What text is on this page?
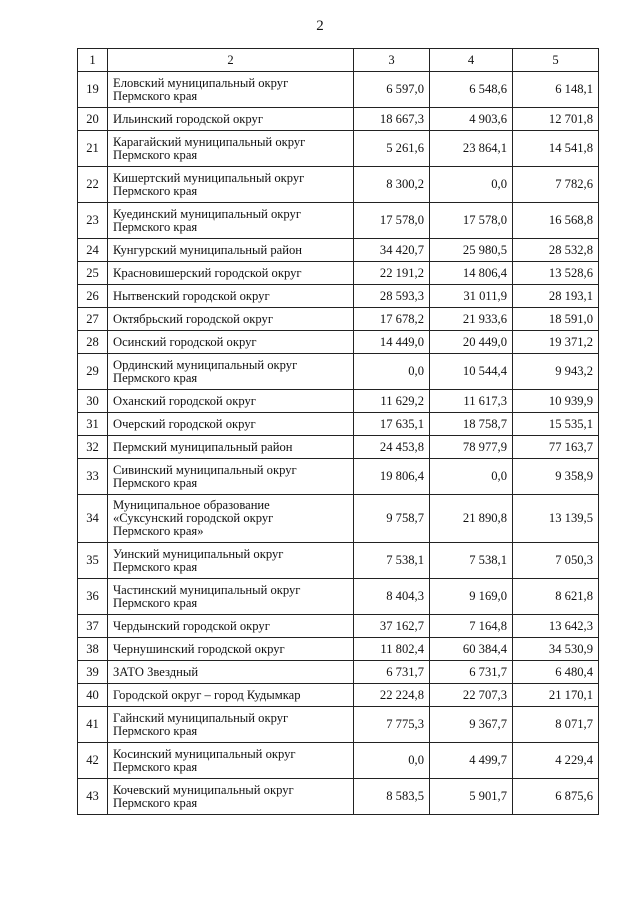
2
1	2	3	4	5
19	Еловский муниципальный округ
Пермского края	6 597,0	6 548,6	6 148,1
20	Ильинский городской округ	18 667,3	4 903,6	12 701,8
21	Карагайский муниципальный округ
Пермского края	5 261,6	23 864,1	14 541,8
22	Кишертский муниципальный округ
Пермского края	8 300,2	0,0	7 782,6
23	Куединский муниципальный округ
Пермского края	17 578,0	17 578,0	16 568,8
24	Кунгурский муниципальный район	34 420,7	25 980,5	28 532,8
25	Красновишерский городской округ	22 191,2	14 806,4	13 528,6
26	Нытвенский городской округ	28 593,3	31 011,9	28 193,1
27	Октябрьский городской округ	17 678,2	21 933,6	18 591,0
28	Осинский городской округ	14 449,0	20 449,0	19 371,2
29	Ординский муниципальный округ
Пермского края	0,0	10 544,4	9 943,2
30	Оханский городской округ	11 629,2	11 617,3	10 939,9
31	Очерский городской округ	17 635,1	18 758,7	15 535,1
32	Пермский муниципальный район	24 453,8	78 977,9	77 163,7
33	Сивинский муниципальный округ
Пермского края	19 806,4	0,0	9 358,9
34	Муниципальное образование
«Суксунский городской округ
Пермского края»	9 758,7	21 890,8	13 139,5
35	Уинский муниципальный округ
Пермского края	7 538,1	7 538,1	7 050,3
36	Частинский муниципальный округ
Пермского края	8 404,3	9 169,0	8 621,8
37	Чердынский городской округ	37 162,7	7 164,8	13 642,3
38	Чернушинский городской округ	11 802,4	60 384,4	34 530,9
39	ЗАТО Звездный	6 731,7	6 731,7	6 480,4
40	Городской округ – город Кудымкар	22 224,8	22 707,3	21 170,1
41	Гайнский муниципальный округ
Пермского края	7 775,3	9 367,7	8 071,7
42	Косинский муниципальный округ
Пермского края	0,0	4 499,7	4 229,4
43	Кочевский муниципальный округ
Пермского края	8 583,5	5 901,7	6 875,6
